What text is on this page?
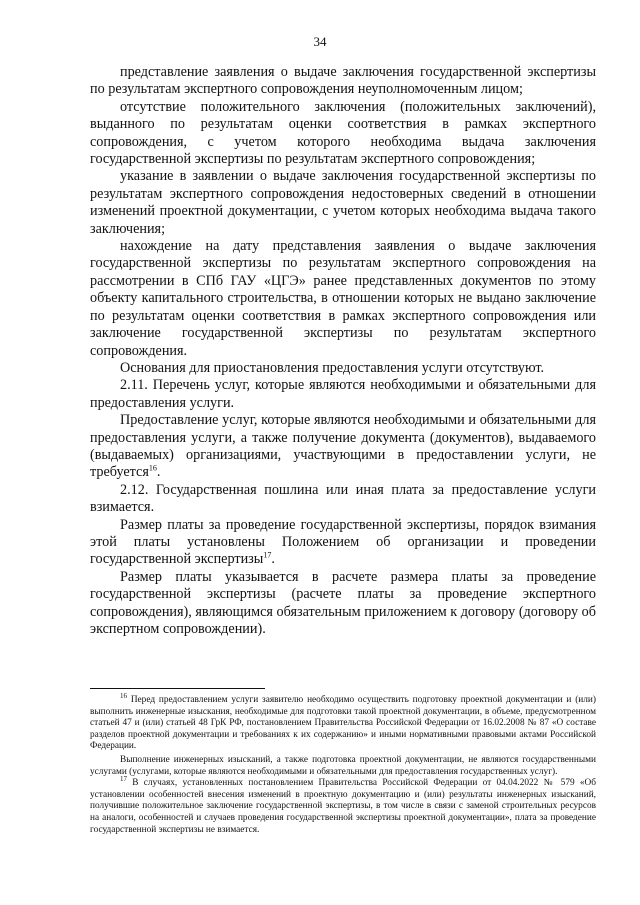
34

представление заявления о выдаче заключения государственной экспертизы по результатам экспертного сопровождения неуполномоченным лицом;

отсутствие положительного заключения (положительных заключений), выданного по результатам оценки соответствия в рамках экспертного сопровождения, с учетом которого необходима выдача заключения государственной экспертизы по результатам экспертного сопровождения;

указание в заявлении о выдаче заключения государственной экспертизы по результатам экспертного сопровождения недостоверных сведений в отношении изменений проектной документации, с учетом которых необходима выдача такого заключения;

нахождение на дату представления заявления о выдаче заключения государственной экспертизы по результатам экспертного сопровождения на рассмотрении в СПб ГАУ «ЦГЭ» ранее представленных документов по этому объекту капитального строительства, в отношении которых не выдано заключение по результатам оценки соответствия в рамках экспертного сопровождения или заключение государственной экспертизы по результатам экспертного сопровождения.

Основания для приостановления предоставления услуги отсутствуют.

2.11. Перечень услуг, которые являются необходимыми и обязательными для предоставления услуги.

Предоставление услуг, которые являются необходимыми и обязательными для предоставления услуги, а также получение документа (документов), выдаваемого (выдаваемых) организациями, участвующими в предоставлении услуги, не требуется$^{16}$.

2.12. Государственная пошлина или иная плата за предоставление услуги взимается.

Размер платы за проведение государственной экспертизы, порядок взимания этой платы установлены Положением об организации и проведении государственной экспертизы$^{17}$.

Размер платы указывается в расчете размера платы за проведение государственной экспертизы (расчете платы за проведение экспертного сопровождения), являющимся обязательным приложением к договору (договору об экспертном сопровождении).

$^{16}$ Перед предоставлением услуги заявителю необходимо осуществить подготовку проектной документации и (или) выполнить инженерные изыскания, необходимые для подготовки такой проектной документации, в объеме, предусмотренном статьей 47 и (или) статьей 48 ГрК РФ, постановлением Правительства Российской Федерации от 16.02.2008 № 87 «О составе разделов проектной документации и требованиях к их содержанию» и иными нормативными правовыми актами Российской Федерации.

Выполнение инженерных изысканий, а также подготовка проектной документации, не являются государственными услугами (услугами, которые являются необходимыми и обязательными для предоставления государственных услуг).

$^{17}$ В случаях, установленных постановлением Правительства Российской Федерации от 04.04.2022 № 579 «Об установлении особенностей внесения изменений в проектную документацию и (или) результаты инженерных изысканий, получившие положительное заключение государственной экспертизы, в том числе в связи с заменой строительных ресурсов на аналоги, особенностей и случаев проведения государственной экспертизы проектной документации», плата за проведение государственной экспертизы не взимается.
